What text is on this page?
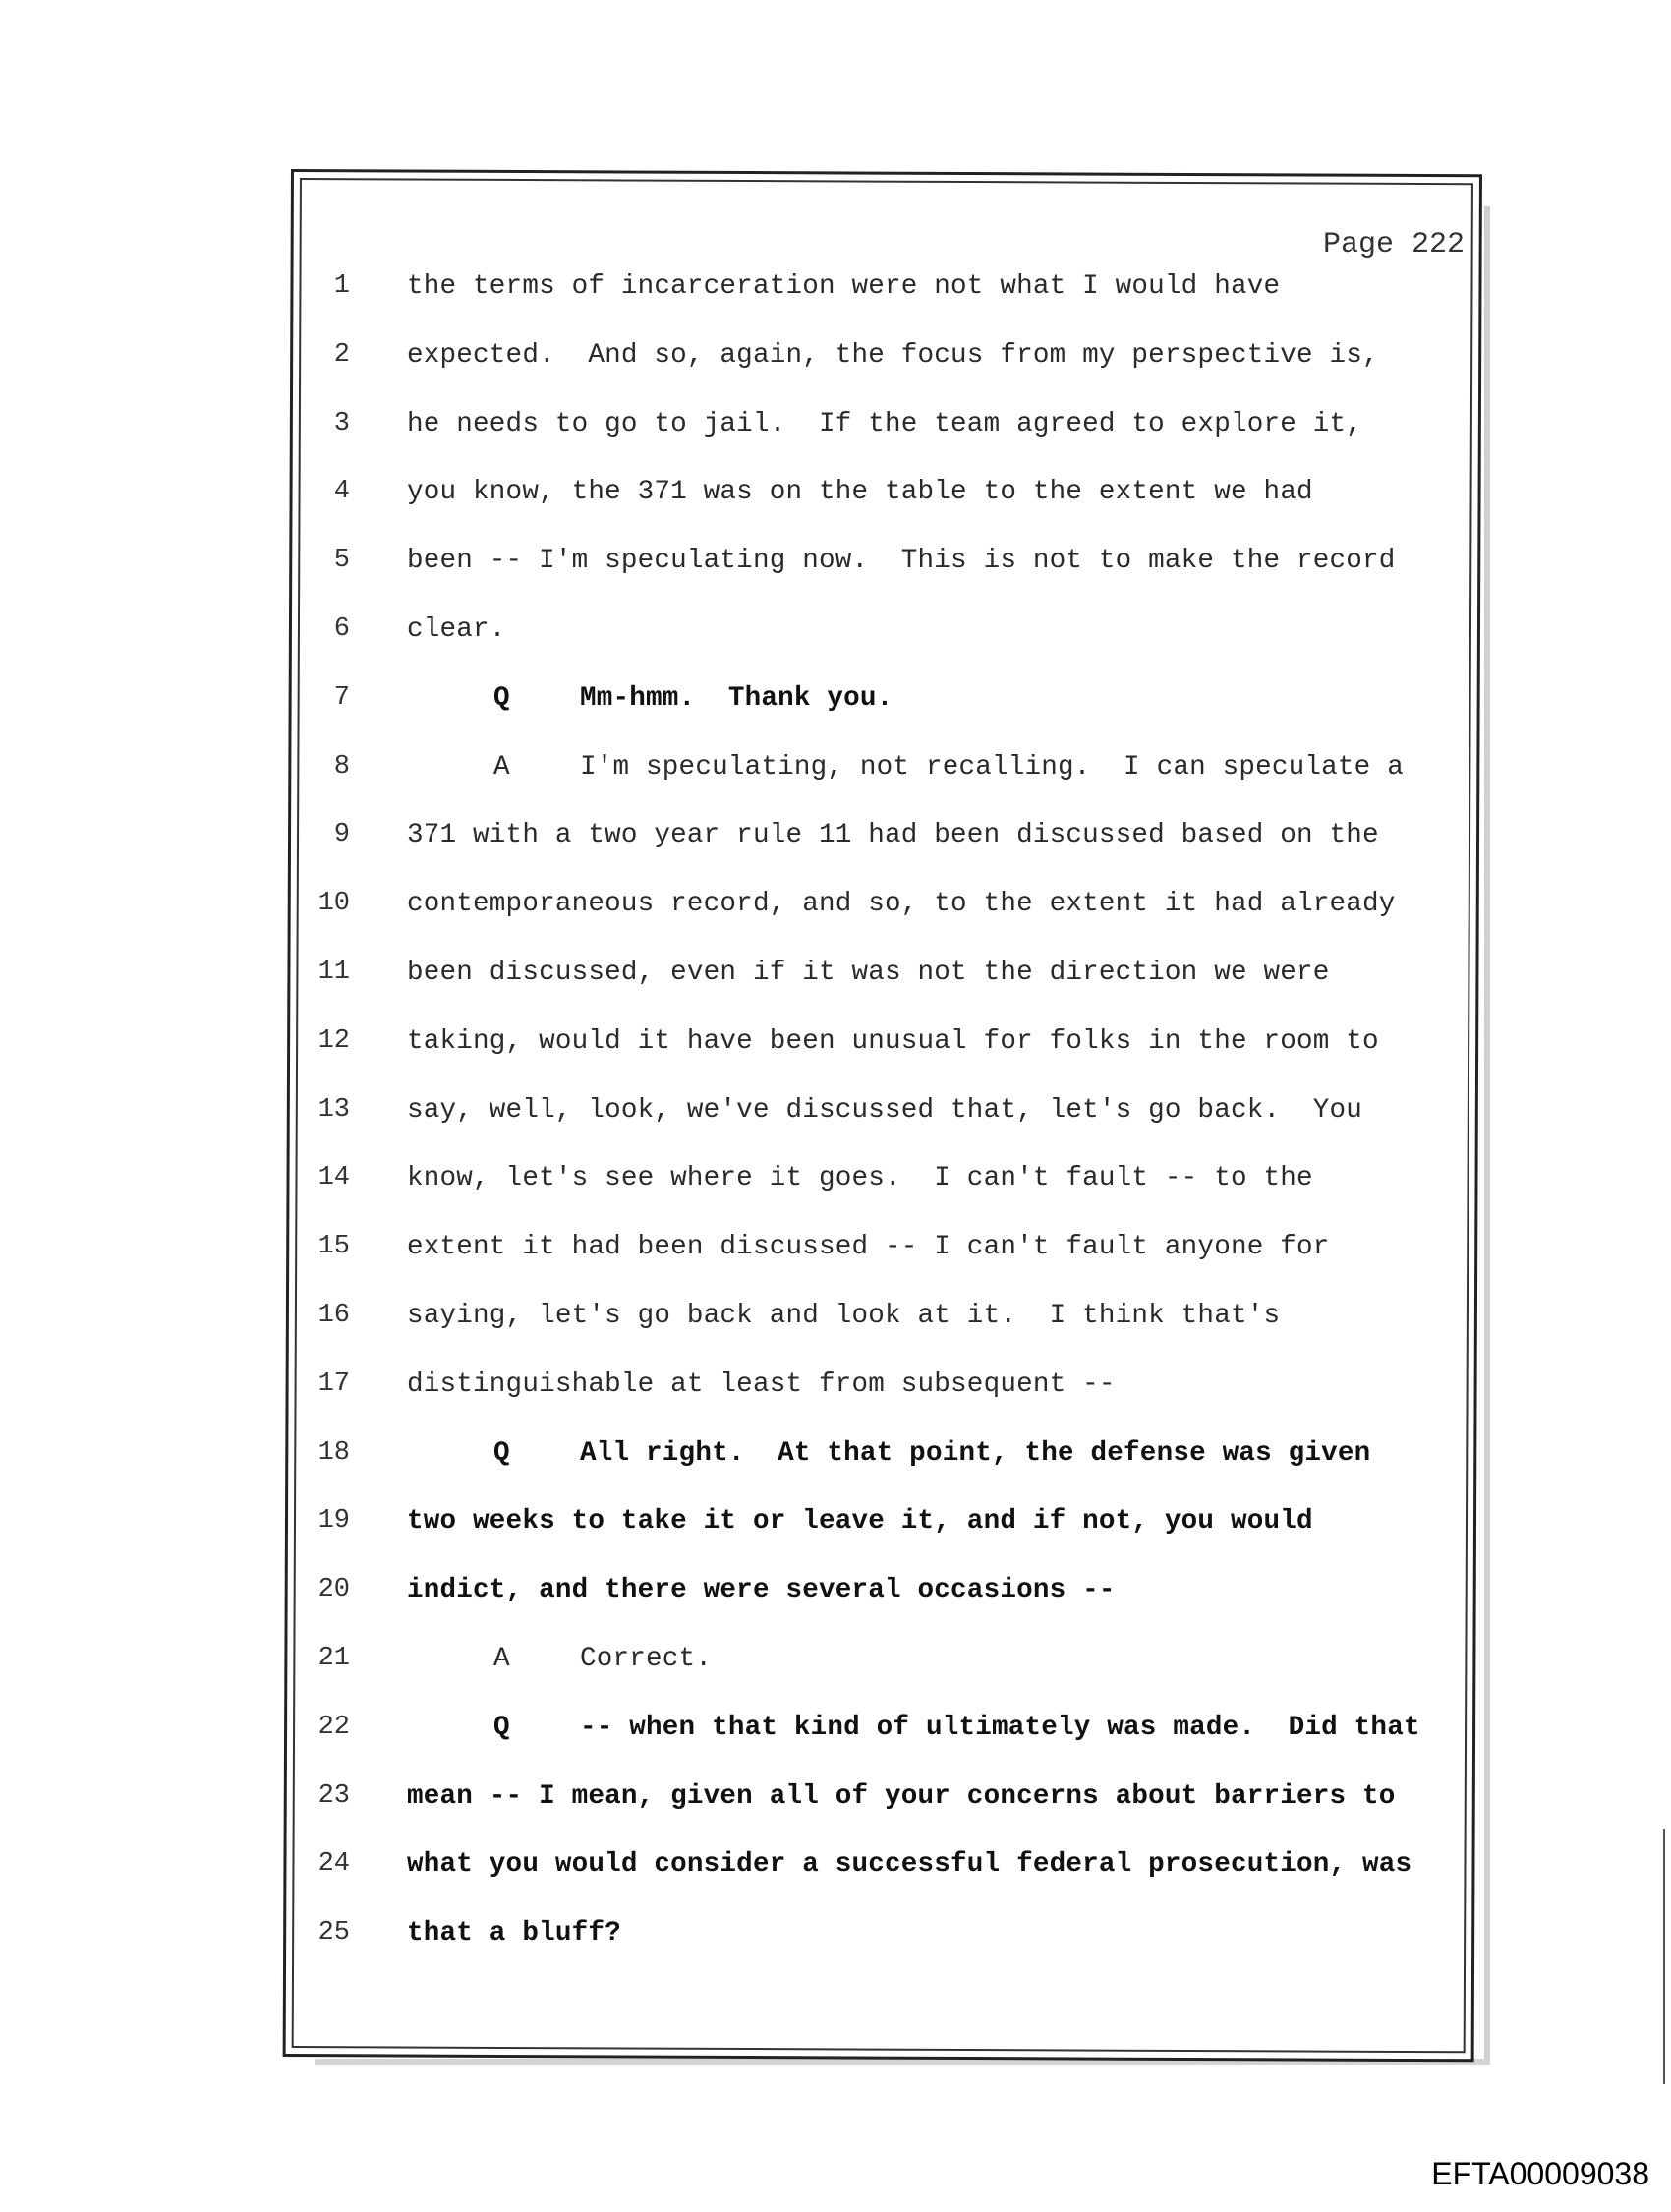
Page 222
1 the terms of incarceration were not what I would have
2 expected.  And so, again, the focus from my perspective is,
3 he needs to go to jail.  If the team agreed to explore it,
4 you know, the 371 was on the table to the extent we had
5 been -- I'm speculating now.  This is not to make the record
6 clear.
7	Q	Mm-hmm.  Thank you.
8	A	I'm speculating, not recalling.  I can speculate a
9 371 with a two year rule 11 had been discussed based on the
10 contemporaneous record, and so, to the extent it had already
11 been discussed, even if it was not the direction we were
12 taking, would it have been unusual for folks in the room to
13 say, well, look, we've discussed that, let's go back.  You
14 know, let's see where it goes.  I can't fault -- to the
15 extent it had been discussed -- I can't fault anyone for
16 saying, let's go back and look at it.  I think that's
17 distinguishable at least from subsequent --
18	Q	All right.  At that point, the defense was given
19 two weeks to take it or leave it, and if not, you would
20 indict, and there were several occasions --
21	A	Correct.
22	Q	-- when that kind of ultimately was made.  Did that
23 mean -- I mean, given all of your concerns about barriers to
24 what you would consider a successful federal prosecution, was
25 that a bluff?
EFTA00009038
